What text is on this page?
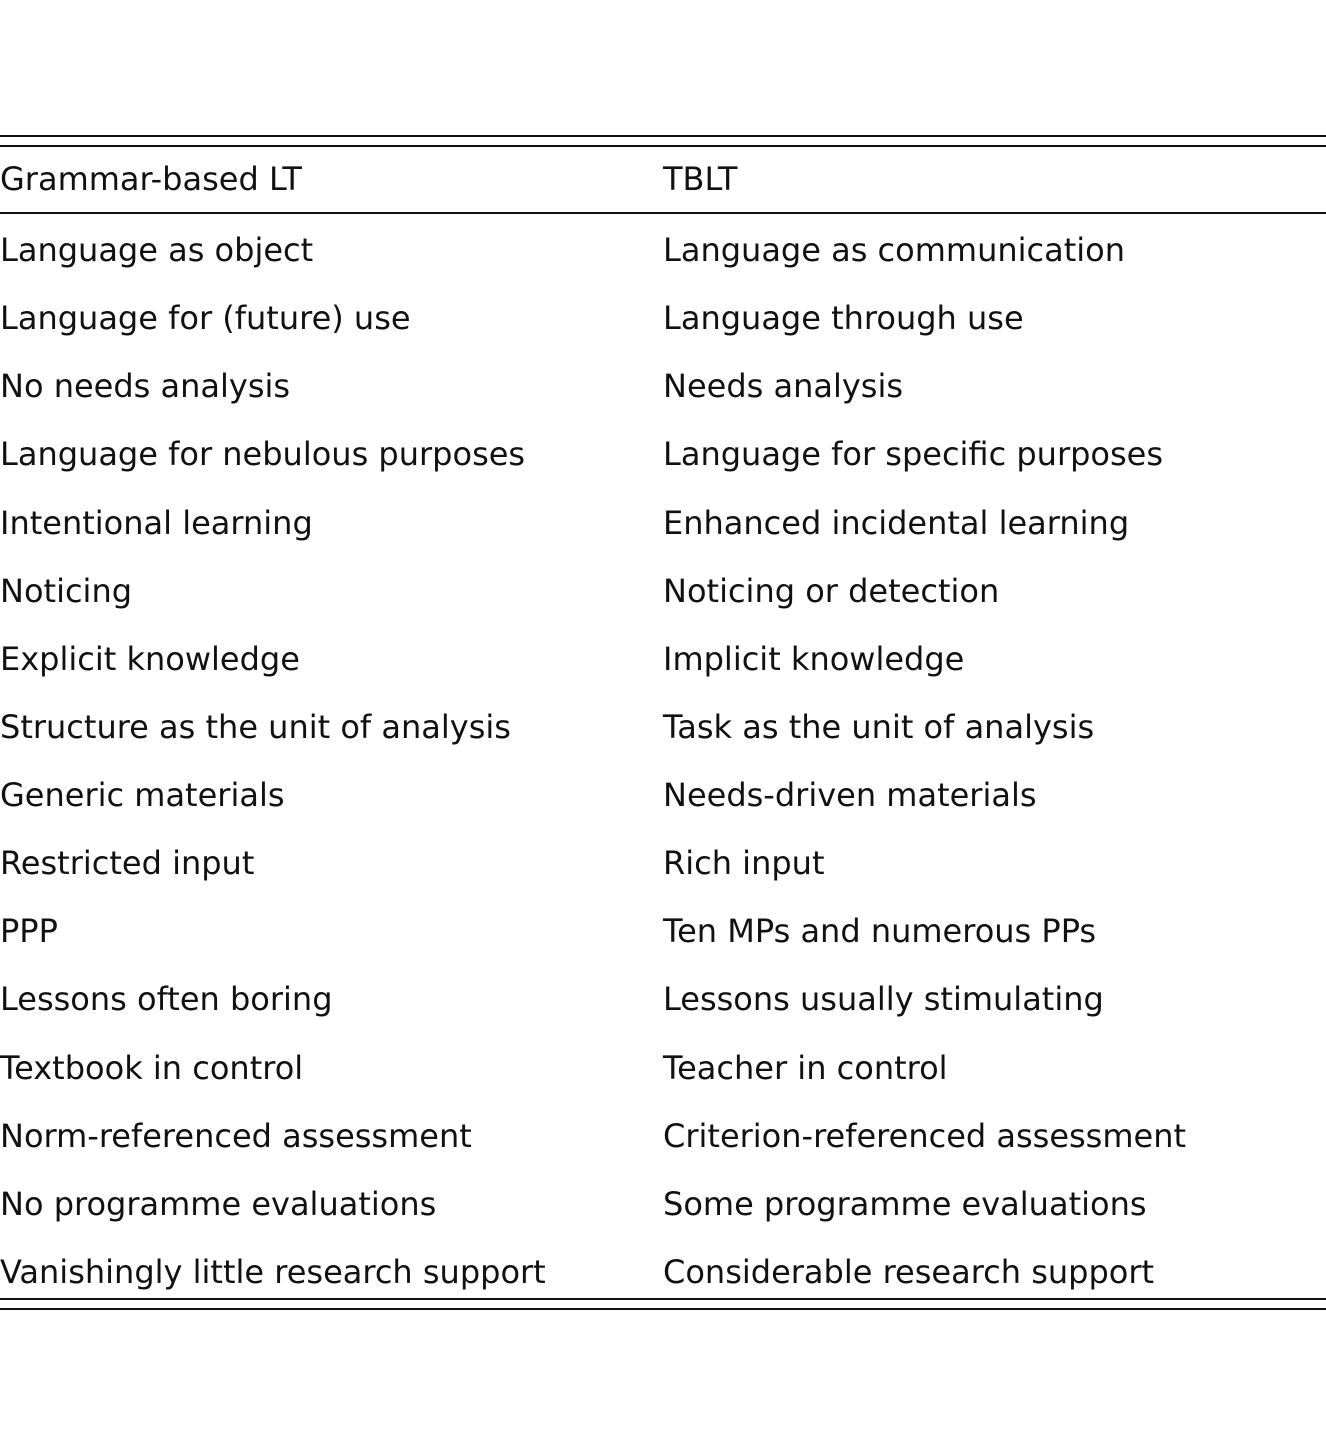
Grammar-based LT	TBLT
Language as object	Language as communication
Language for (future) use	Language through use
No needs analysis	Needs analysis
Language for nebulous purposes	Language for specific purposes
Intentional learning	Enhanced incidental learning
Noticing	Noticing or detection
Explicit knowledge	Implicit knowledge
Structure as the unit of analysis	Task as the unit of analysis
Generic materials	Needs-driven materials
Restricted input	Rich input
PPP	Ten MPs and numerous PPs
Lessons often boring	Lessons usually stimulating
Textbook in control	Teacher in control
Norm-referenced assessment	Criterion-referenced assessment
No programme evaluations	Some programme evaluations
Vanishingly little research support	Considerable research support
